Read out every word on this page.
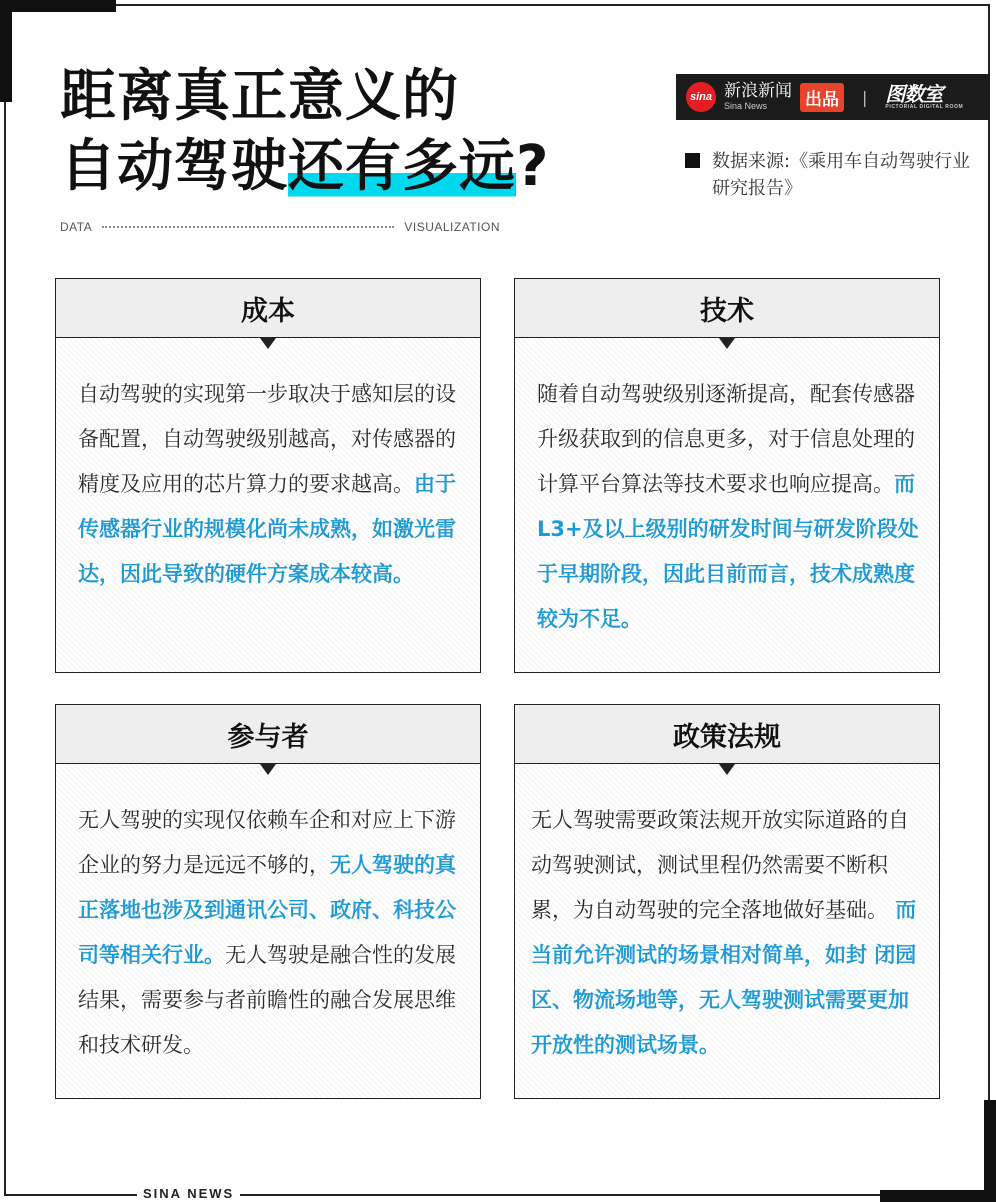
距离真正意义的
自动驾驶还有多远?
DATA	VISUALIZATION
sina 新浪新闻
Sina News	出品	| 图数室
PICTORIAL DIGITAL ROOM
数据来源:《乘用车自动驾驶行业研究报告》
成本
自动驾驶的实现第一步取决于感知层的设备配置，自动驾驶级别越高，对传感器的精度及应用的芯片算力的要求越高。由于传感器行业的规模化尚未成熟，如激光雷达，因此导致的硬件方案成本较高。
技术
随着自动驾驶级别逐渐提高，配套传感器升级获取到的信息更多，对于信息处理的计算平台算法等技术要求也响应提高。而L3+及以上级别的研发时间与研发阶段处于早期阶段，因此目前而言，技术成熟度较为不足。
参与者
无人驾驶的实现仅依赖车企和对应上下游企业的努力是远远不够的，无人驾驶的真正落地也涉及到通讯公司、政府、科技公司等相关行业。无人驾驶是融合性的发展结果，需要参与者前瞻性的融合发展思维和技术研发。
政策法规
无人驾驶需要政策法规开放实际道路的自动驾驶测试，测试里程仍然需要不断积累，为自动驾驶的完全落地做好基础。 而当前允许测试的场景相对简单，如封 闭园区、物流场地等，无人驾驶测试需要更加开放性的测试场景。
SINA NEWS
